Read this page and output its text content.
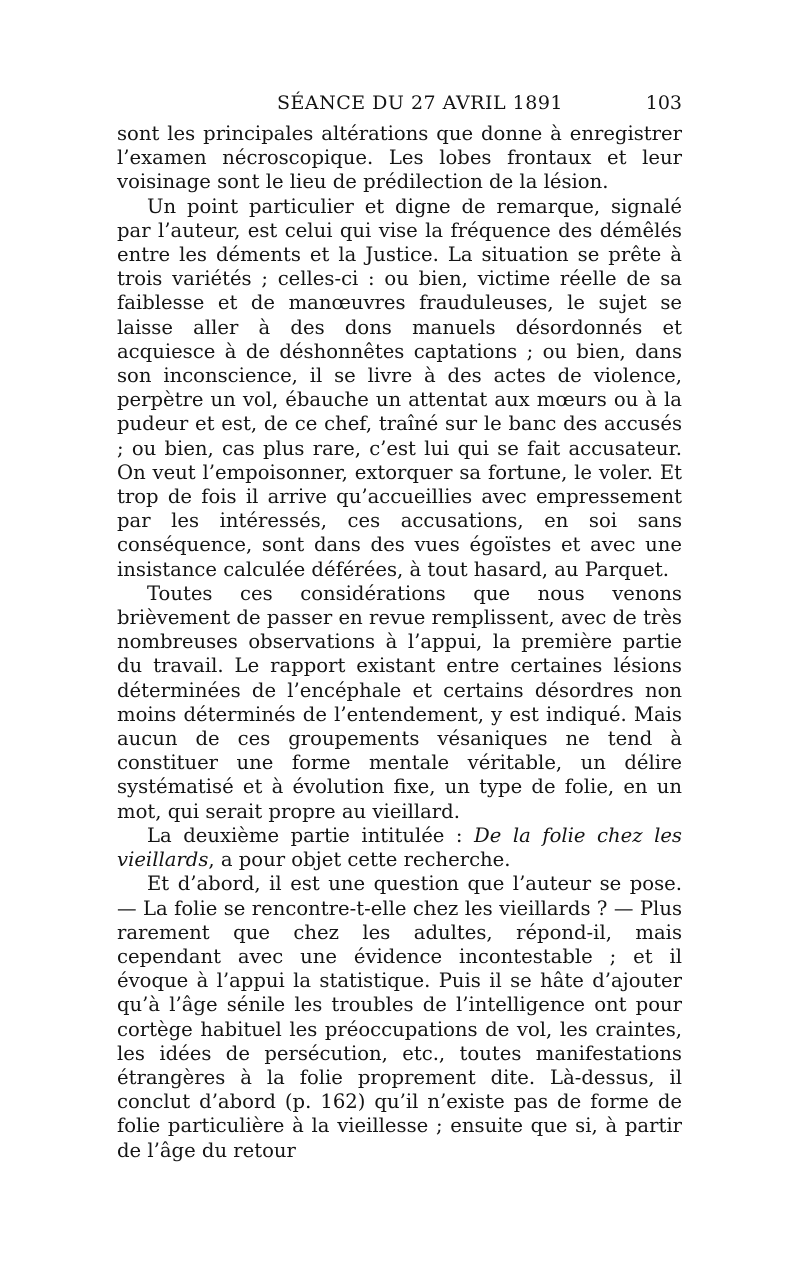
SÉANCE DU 27 AVRIL 1891	103

sont les principales altérations que donne à enregistrer l’examen nécroscopique. Les lobes frontaux et leur voisinage sont le lieu de prédilection de la lésion.

Un point particulier et digne de remarque, signalé par l’auteur, est celui qui vise la fréquence des démêlés entre les déments et la Justice. La situation se prête à trois variétés ; celles-ci : ou bien, victime réelle de sa faiblesse et de manœuvres frauduleuses, le sujet se laisse aller à des dons manuels désordonnés et acquiesce à de déshonnêtes captations ; ou bien, dans son inconscience, il se livre à des actes de violence, perpètre un vol, ébauche un attentat aux mœurs ou à la pudeur et est, de ce chef, traîné sur le banc des accusés ; ou bien, cas plus rare, c’est lui qui se fait accusateur. On veut l’empoisonner, extorquer sa fortune, le voler. Et trop de fois il arrive qu’accueillies avec empressement par les intéressés, ces accusations, en soi sans conséquence, sont dans des vues égoïstes et avec une insistance calculée déférées, à tout hasard, au Parquet.

Toutes ces considérations que nous venons brièvement de passer en revue remplissent, avec de très nombreuses observations à l’appui, la première partie du travail. Le rapport existant entre certaines lésions déterminées de l’encéphale et certains désordres non moins déterminés de l’entendement, y est indiqué. Mais aucun de ces groupements vésaniques ne tend à constituer une forme mentale véritable, un délire systématisé et à évolution fixe, un type de folie, en un mot, qui serait propre au vieillard.

La deuxième partie intitulée : De la folie chez les vieillards, a pour objet cette recherche.

Et d’abord, il est une question que l’auteur se pose. — La folie se rencontre-t-elle chez les vieillards ? — Plus rarement que chez les adultes, répond-il, mais cependant avec une évidence incontestable ; et il évoque à l’appui la statistique. Puis il se hâte d’ajouter qu’à l’âge sénile les troubles de l’intelligence ont pour cortège habituel les préoccupations de vol, les craintes, les idées de persécution, etc., toutes manifestations étrangères à la folie proprement dite. Là-dessus, il conclut d’abord (p. 162) qu’il n’existe pas de forme de folie particulière à la vieillesse ; ensuite que si, à partir de l’âge du retour
